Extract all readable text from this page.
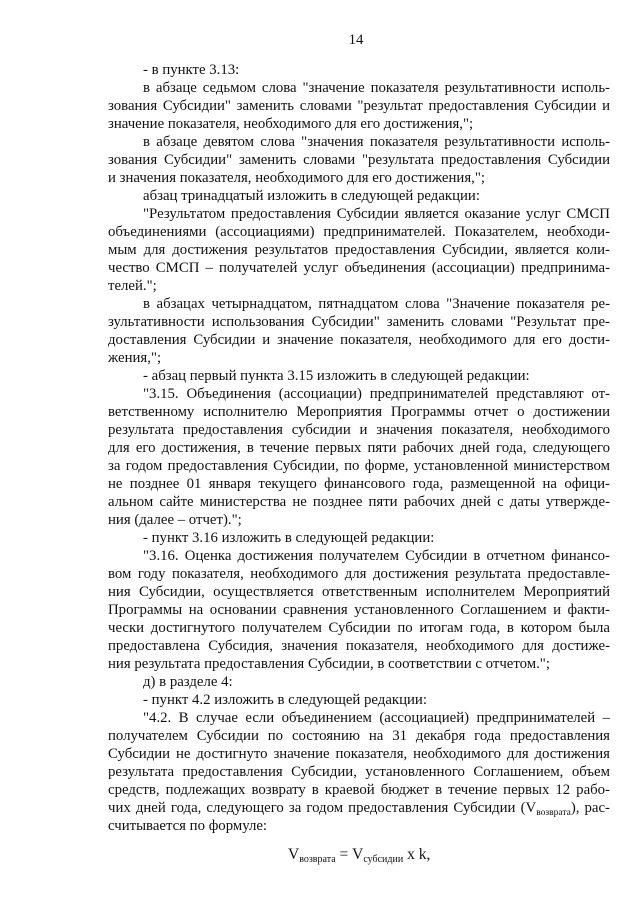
14
- в пункте 3.13:
в абзаце седьмом слова "значение показателя результативности исполь-
зования Субсидии" заменить словами "результат предоставления Субсидии и
значение показателя, необходимого для его достижения,";
в абзаце девятом слова "значения показателя результативности исполь-
зования Субсидии" заменить словами "результата предоставления Субсидии
и значения показателя, необходимого для его достижения,";
абзац тринадцатый изложить в следующей редакции:
"Результатом предоставления Субсидии является оказание услуг СМСП
объединениями (ассоциациями) предпринимателей. Показателем, необходи-
мым для достижения результатов предоставления Субсидии, является коли-
чество СМСП – получателей услуг объединения (ассоциации) предпринима-
телей.";
в абзацах четырнадцатом, пятнадцатом слова "Значение показателя ре-
зультативности использования Субсидии" заменить словами "Результат пре-
доставления Субсидии и значение показателя, необходимого для его дости-
жения,";
- абзац первый пункта 3.15 изложить в следующей редакции:
"3.15. Объединения (ассоциации) предпринимателей представляют от-
ветственному исполнителю Мероприятия Программы отчет о достижении
результата предоставления субсидии и значения показателя, необходимого
для его достижения, в течение первых пяти рабочих дней года, следующего
за годом предоставления Субсидии, по форме, установленной министерством
не позднее 01 января текущего финансового года, размещенной на офици-
альном сайте министерства не позднее пяти рабочих дней с даты утвержде-
ния (далее – отчет).";
- пункт 3.16 изложить в следующей редакции:
"3.16. Оценка достижения получателем Субсидии в отчетном финансо-
вом году показателя, необходимого для достижения результата предоставле-
ния Субсидии, осуществляется ответственным исполнителем Мероприятий
Программы на основании сравнения установленного Соглашением и факти-
чески достигнутого получателем Субсидии по итогам года, в котором была
предоставлена Субсидия, значения показателя, необходимого для достиже-
ния результата предоставления Субсидии, в соответствии с отчетом.";
д) в разделе 4:
- пункт 4.2 изложить в следующей редакции:
"4.2. В случае если объединением (ассоциацией) предпринимателей –
получателем Субсидии по состоянию на 31 декабря года предоставления
Субсидии не достигнуто значение показателя, необходимого для достижения
результата предоставления Субсидии, установленного Соглашением, объем
средств, подлежащих возврату в краевой бюджет в течение первых 12 рабо-
чих дней года, следующего за годом предоставления Субсидии $(V_{возврата})$, рас-
считывается по формуле:
$V_{возврата} = V_{субсидии}$ x k,
